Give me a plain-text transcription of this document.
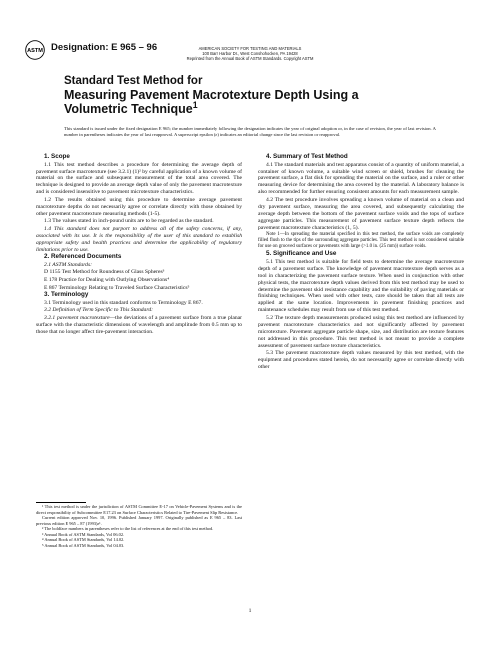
ASTM Designation: E 965 – 96	AMERICAN SOCIETY FOR TESTING AND MATERIALS
100 Barr Harbor Dr., West Conshohocken, PA 19428
Reprinted from the Annual Book of ASTM Standards. Copyright ASTM
Standard Test Method for
Measuring Pavement Macrotexture Depth Using a
Volumetric Technique$^1$
This standard is issued under the fixed designation E 965; the number immediately following the designation indicates the year of original adoption or, in the case of revision, the year of last revision. A number in parentheses indicates the year of last reapproval. A superscript epsilon (ε) indicates an editorial change since the last revision or reapproval.

1. Scope

1.1 This test method describes a procedure for determining the average depth of pavement surface macrotexture (see 3.2.1) (1)² by careful application of a known volume of material on the surface and subsequent measurement of the total area covered. The technique is designed to provide an average depth value of only the pavement macrotexture and is considered insensitive to pavement microtexture characteristics.

1.2 The results obtained using this procedure to determine average pavement macrotexture depths do not necessarily agree or correlate directly with those obtained by other pavement macrotexture measuring methods (1-5).

1.3 The values stated in inch-pound units are to be regarded as the standard.

1.4 This standard does not purport to address all of the safety concerns, if any, associated with its use. It is the responsibility of the user of this standard to establish appropriate safety and health practices and determine the applicability of regulatory limitations prior to use.

2. Referenced Documents

2.1 ASTM Standards:

D 1155 Test Method for Roundness of Glass Spheres³

E 178 Practice for Dealing with Outlying Observations⁴

E 867 Terminology Relating to Traveled Surface Characteristics⁵

3. Terminology

3.1 Terminology used in this standard conforms to Terminology E 867.

3.2 Definition of Term Specific to This Standard:

3.2.1 pavement macrotexture—the deviations of a pavement surface from a true planar surface with the characteristic dimensions of wavelength and amplitude from 0.5 mm up to those that no longer affect tire-pavement interaction.

¹ This test method is under the jurisdiction of ASTM Committee E-17 on Vehicle-Pavement Systems and is the direct responsibility of Subcommittee E17.23 on Surface Characteristics Related to Tire-Pavement Slip Resistance.

Current edition approved Nov. 10, 1996. Published January 1997. Originally published as E 965 – 83. Last previous edition E 965 – 87 (1993)ε¹.

² The boldface numbers in parentheses refer to the list of references at the end of this test method.

³ Annual Book of ASTM Standards, Vol 06.02.

⁴ Annual Book of ASTM Standards, Vol 14.02.

⁵ Annual Book of ASTM Standards, Vol 04.03.

4. Summary of Test Method

4.1 The standard materials and test apparatus consist of a quantity of uniform material, a container of known volume, a suitable wind screen or shield, brushes for cleaning the pavement surface, a flat disk for spreading the material on the surface, and a ruler or other measuring device for determining the area covered by the material. A laboratory balance is also recommended for further ensuring consistent amounts for each measurement sample.

4.2 The test procedure involves spreading a known volume of material on a clean and dry pavement surface, measuring the area covered, and subsequently calculating the average depth between the bottom of the pavement surface voids and the tops of surface aggregate particles. This measurement of pavement surface texture depth reflects the pavement macrotexture characteristics (1, 5).

Note 1—In spreading the material specified in this test method, the surface voids are completely filled flush to the tips of the surrounding aggregate particles. This test method is not considered suitable for use on grooved surfaces or pavements with large (>1.0 in. (25 mm)) surface voids.

5. Significance and Use

5.1 This test method is suitable for field tests to determine the average macrotexture depth of a pavement surface. The knowledge of pavement macrotexture depth serves as a tool in characterizing the pavement surface texture. When used in conjunction with other physical tests, the macrotexture depth values derived from this test method may be used to determine the pavement skid resistance capability and the suitability of paving materials or finishing techniques. When used with other tests, care should be taken that all tests are applied at the same location. Improvements in pavement finishing practices and maintenance schedules may result from use of this test method.

5.2 The texture depth measurements produced using this test method are influenced by pavement macrotexture characteristics and not significantly affected by pavement microtexture. Pavement aggregate particle shape, size, and distribution are texture features not addressed in this procedure. This test method is not meant to provide a complete assessment of pavement surface texture characteristics.

5.3 The pavement macrotexture depth values measured by this test method, with the equipment and procedures stated herein, do not necessarily agree or correlate directly with other

1
